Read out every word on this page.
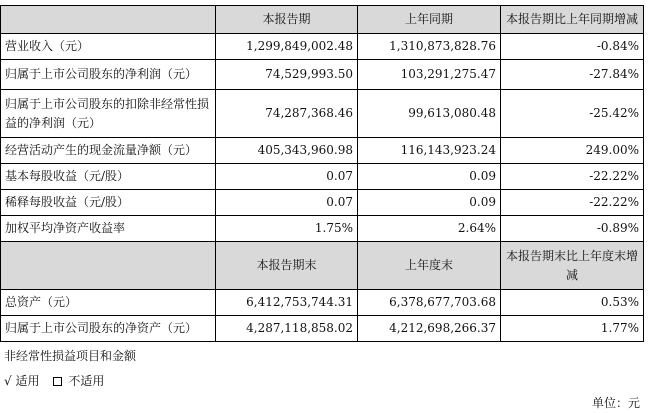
	本报告期	上年同期	本报告期比上年同期增减
营业收入（元）	1,299,849,002.48	1,310,873,828.76	-0.84%
归属于上市公司股东的净利润（元）	74,529,993.50	103,291,275.47	-27.84%
归属于上市公司股东的扣除非经常性损益的净利润（元）	74,287,368.46	99,613,080.48	-25.42%
经营活动产生的现金流量净额（元）	405,343,960.98	116,143,923.24	249.00%
基本每股收益（元/股）	0.07	0.09	-22.22%
稀释每股收益（元/股）	0.07	0.09	-22.22%
加权平均净资产收益率	1.75%	2.64%	-0.89%
	本报告期末	上年度末	本报告期末比上年度末增减
总资产（元）	6,412,753,744.31	6,378,677,703.68	0.53%
归属于上市公司股东的净资产（元）	4,287,118,858.02	4,212,698,266.37	1.77%
非经常性损益项目和金额
√ 适用 不适用
单位：元
